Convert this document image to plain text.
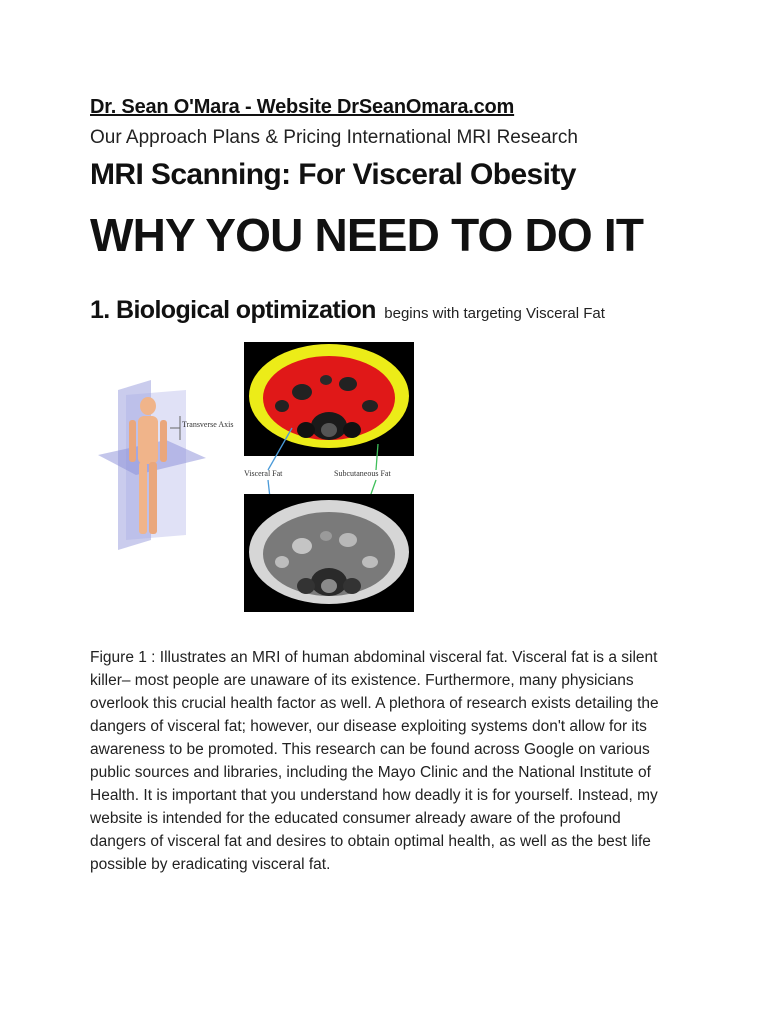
Dr. Sean O'Mara - Website DrSeanOmara.com
Our Approach Plans & Pricing International MRI Research
MRI Scanning: For Visceral Obesity
WHY YOU NEED TO DO IT
1. Biological optimization begins with targeting Visceral Fat
Transverse Axis
Visceral Fat	Subcutaneous Fat
Figure 1 : Illustrates an MRI of human abdominal visceral fat. Visceral fat is a silent killer– most people are unaware of its existence. Furthermore, many physicians overlook this crucial health factor as well. A plethora of research exists detailing the dangers of visceral fat; however, our disease exploiting systems don't allow for its awareness to be promoted. This research can be found across Google on various public sources and libraries, including the Mayo Clinic and the National Institute of Health. It is important that you understand how deadly it is for yourself. Instead, my website is intended for the educated consumer already aware of the profound dangers of visceral fat and desires to obtain optimal health, as well as the best life possible by eradicating visceral fat.
